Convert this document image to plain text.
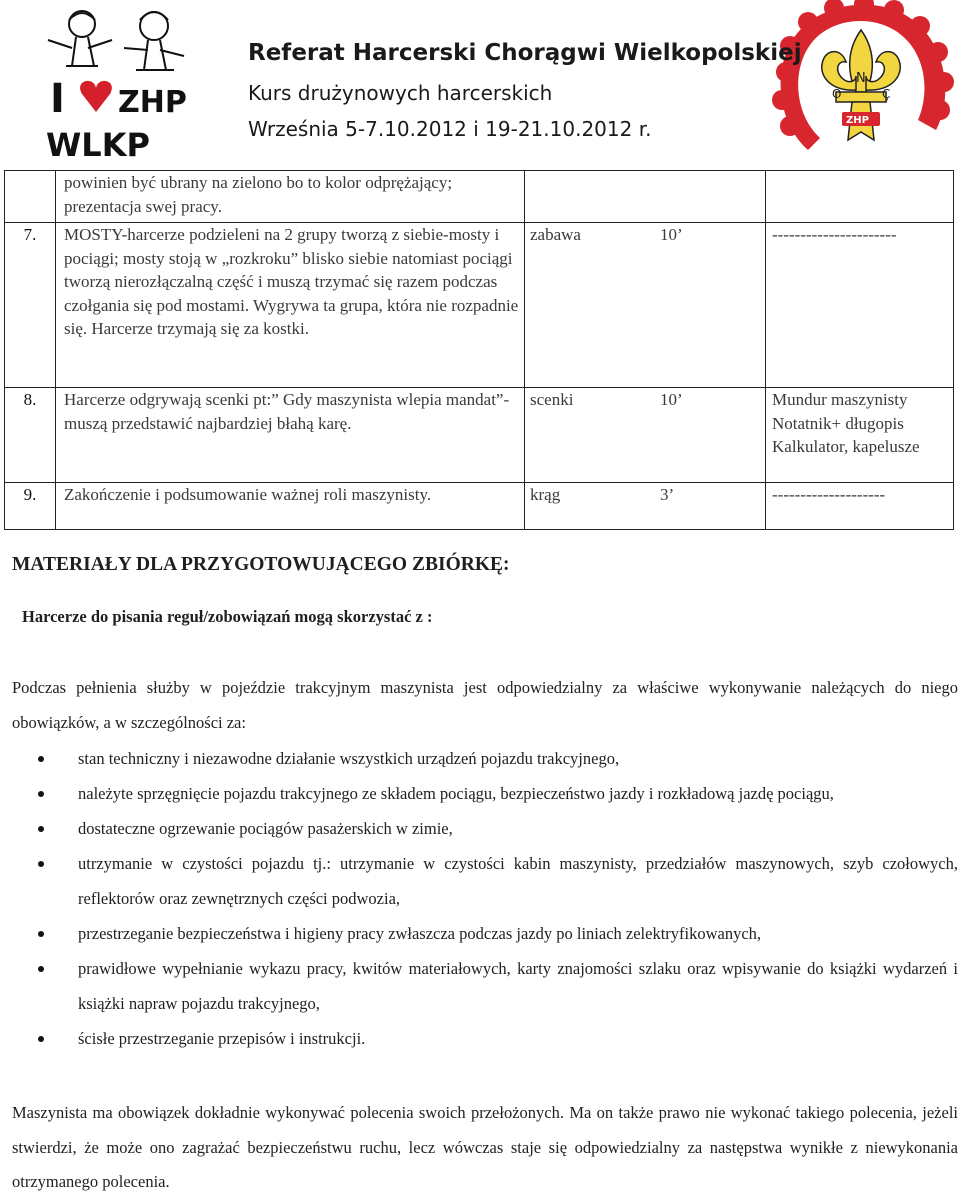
I ZHP
WLKP
N
O	Ç
ZHP
Referat Harcerski Chorągwi Wielkopolskiej
Kurs drużynowych harcerskich
Września 5-7.10.2012 i 19-21.10.2012 r.
	powinien być ubrany na zielono bo to kolor odprężający; prezentacja swej pracy.	

7.	MOSTY-harcerze podzieleni na 2 grupy tworzą z siebie-mosty i pociągi; mosty stoją w „rozkroku” blisko siebie natomiast pociągi tworzą nierozłączalną część i muszą trzymać się razem podczas czołgania się pod mostami. Wygrywa ta grupa, która nie rozpadnie się. Harcerze trzymają się za kostki.	zabawa 10’	----------------------
8.	Harcerze odgrywają scenki pt:” Gdy maszynista wlepia mandat”- muszą przedstawić najbardziej błahą karę.	scenki 10’	Mundur maszynisty Notatnik+ długopis Kalkulator, kapelusze
9.	Zakończenie i podsumowanie ważnej roli maszynisty.	krąg 3’	--------------------
MATERIAŁY DLA PRZYGOTOWUJĄCEGO ZBIÓRKĘ:
Harcerze do pisania reguł/zobowiązań mogą skorzystać z :
Podczas pełnienia służby w pojeździe trakcyjnym maszynista jest odpowiedzialny za właściwe wykonywanie należących do niego obowiązków, a w szczególności za:
stan techniczny i niezawodne działanie wszystkich urządzeń pojazdu trakcyjnego,
należyte sprzęgnięcie pojazdu trakcyjnego ze składem pociągu, bezpieczeństwo jazdy i rozkładową jazdę pociągu,
dostateczne ogrzewanie pociągów pasażerskich w zimie,
utrzymanie w czystości pojazdu tj.: utrzymanie w czystości kabin maszynisty, przedziałów maszynowych, szyb czołowych, reflektorów oraz zewnętrznych części podwozia,
przestrzeganie bezpieczeństwa i higieny pracy zwłaszcza podczas jazdy po liniach zelektryfikowanych,
prawidłowe wypełnianie wykazu pracy, kwitów materiałowych, karty znajomości szlaku oraz wpisywanie do książki wydarzeń i książki napraw pojazdu trakcyjnego,
ścisłe przestrzeganie przepisów i instrukcji.
Maszynista ma obowiązek dokładnie wykonywać polecenia swoich przełożonych. Ma on także prawo nie wykonać takiego polecenia, jeżeli stwierdzi, że może ono zagrażać bezpieczeństwu ruchu, lecz wówczas staje się odpowiedzialny za następstwa wynikłe z niewykonania otrzymanego polecenia.
